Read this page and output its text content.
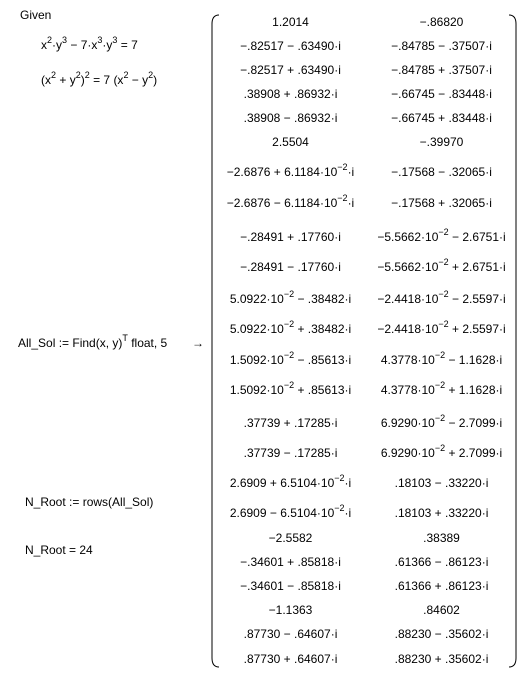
Given
$x^2\cdot y^3 - 7\cdot x^3\cdot y^3 = 7$
$(x^2 + y^2)^2 = 7$ $(x^2 - y^2)$
All_Sol := Find(x, y)$^T$ float, 5 →
N_Root := rows(All_Sol)
N_Root = 24
1.2014	−.86820
−.82517 − .63490·i	−.84785 − .37507·i
−.82517 + .63490·i	−.84785 + .37507·i
.38908 + .86932·i	−.66745 − .83448·i
.38908 − .86932·i	−.66745 + .83448·i
2.5504	−.39970
$-2.6876 + 6.1184\cdot 10^{-2}\cdot i$	−.17568 − .32065·i
$-2.6876 - 6.1184\cdot 10^{-2}\cdot i$	−.17568 + .32065·i
−.28491 + .17760·i	$-5.5662\cdot 10^{-2} - 2.6751\cdot i$
−.28491 − .17760·i	$-5.5662\cdot 10^{-2} + 2.6751\cdot i$
$5.0922\cdot 10^{-2} - .38482\cdot i$	$-2.4418\cdot 10^{-2} - 2.5597\cdot i$
$5.0922\cdot 10^{-2} + .38482\cdot i$	$-2.4418\cdot 10^{-2} + 2.5597\cdot i$
$1.5092\cdot 10^{-2} - .85613\cdot i$	$4.3778\cdot 10^{-2} - 1.1628\cdot i$
$1.5092\cdot 10^{-2} + .85613\cdot i$	$4.3778\cdot 10^{-2} + 1.1628\cdot i$
.37739 + .17285·i	$6.9290\cdot 10^{-2} - 2.7099\cdot i$
.37739 − .17285·i	$6.9290\cdot 10^{-2} + 2.7099\cdot i$
$2.6909 + 6.5104\cdot 10^{-2}\cdot i$	.18103 − .33220·i
$2.6909 - 6.5104\cdot 10^{-2}\cdot i$	.18103 + .33220·i
−2.5582	.38389
−.34601 + .85818·i	.61366 − .86123·i
−.34601 − .85818·i	.61366 + .86123·i
−1.1363	.84602
.87730 − .64607·i	.88230 − .35602·i
.87730 + .64607·i	.88230 + .35602·i
